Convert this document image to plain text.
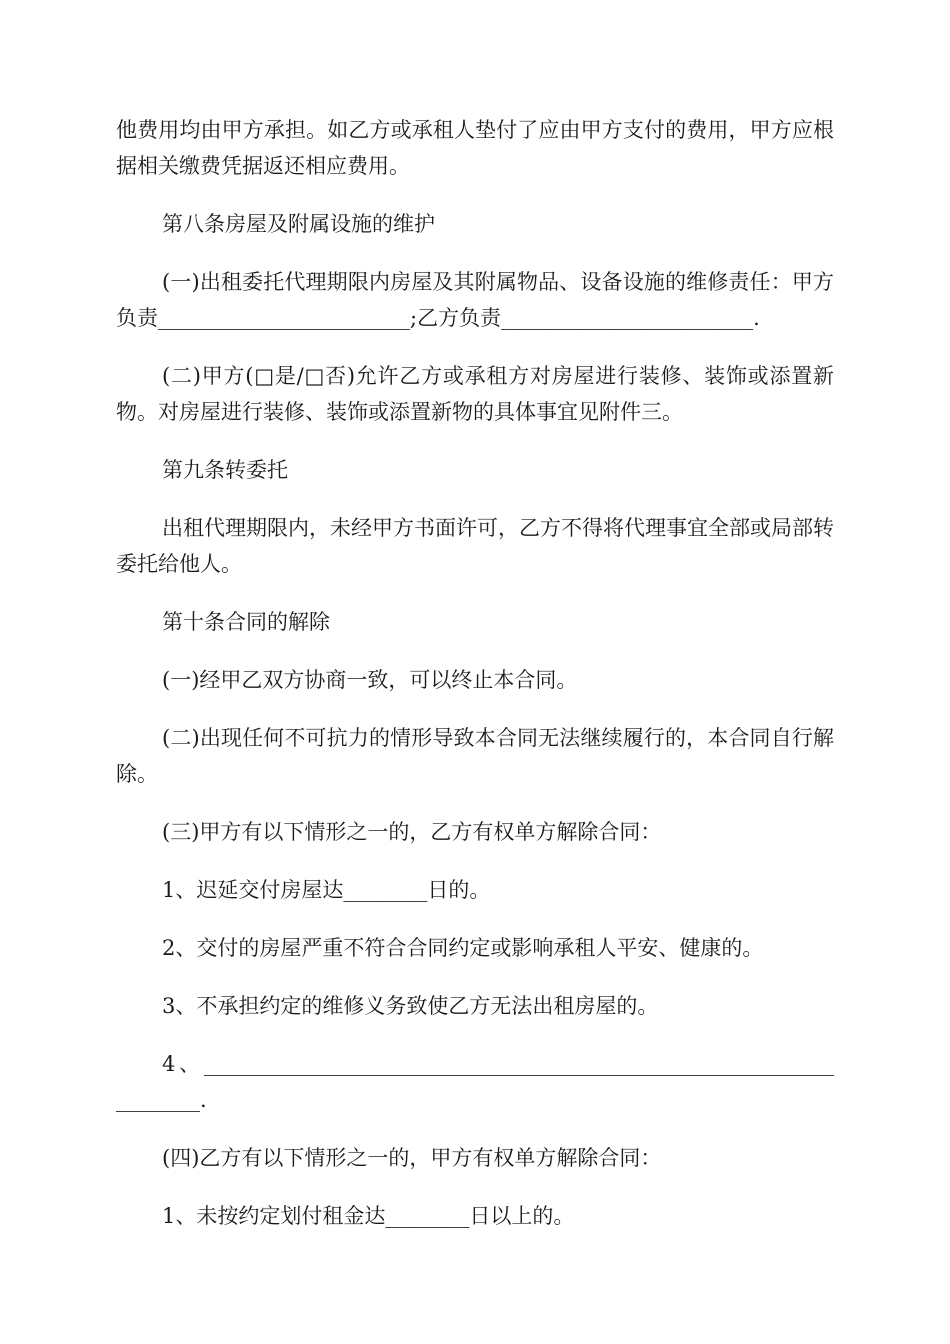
他费用均由甲方承担。如乙方或承租人垫付了应由甲方支付的费用，甲方应根据相关缴费凭据返还相应费用。

第八条房屋及附属设施的维护

(一)出租委托代理期限内房屋及其附属物品、设备设施的维修责任：甲方负责________________________;乙方负责________________________.

(二)甲方(□是/□否)允许乙方或承租方对房屋进行装修、装饰或添置新物。对房屋进行装修、装饰或添置新物的具体事宜见附件三。

第九条转委托

出租代理期限内，未经甲方书面许可，乙方不得将代理事宜全部或局部转委托给他人。

第十条合同的解除

(一)经甲乙双方协商一致，可以终止本合同。

(二)出现任何不可抗力的情形导致本合同无法继续履行的，本合同自行解除。

(三)甲方有以下情形之一的，乙方有权单方解除合同：

1、迟延交付房屋达________日的。

2、交付的房屋严重不符合合同约定或影响承租人平安、健康的。

3、不承担约定的维修义务致使乙方无法出租房屋的。

4、____________________________________________________________________.

(四)乙方有以下情形之一的，甲方有权单方解除合同：

1、未按约定划付租金达________日以上的。
